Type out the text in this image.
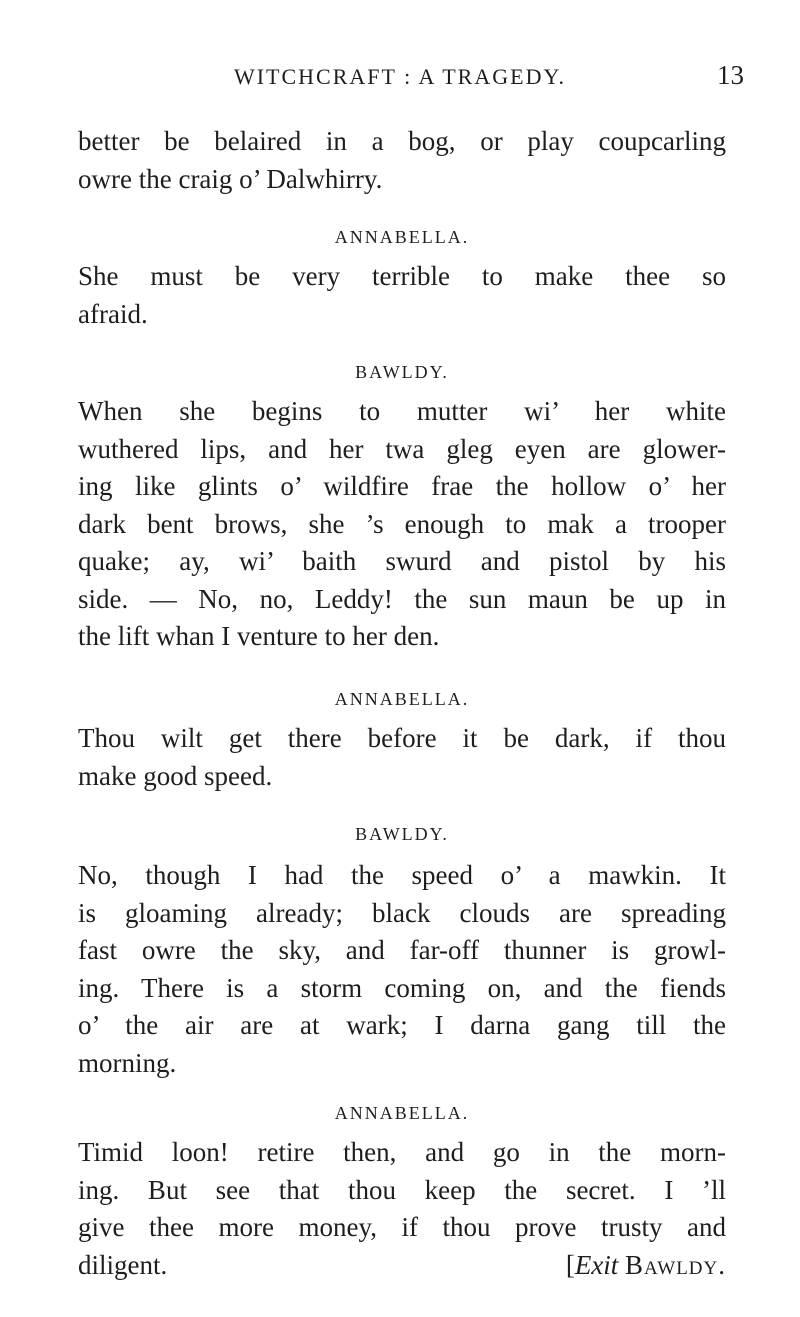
WITCHCRAFT : A TRAGEDY.	13

better be belaired in a bog, or play coupcarling
owre the craig o’ Dalwhirry.

ANNABELLA.

She must be very terrible to make thee so
afraid.

BAWLDY.

When she begins to mutter wi’ her white
wuthered lips, and her twa gleg eyen are glower-
ing like glints o’ wildfire frae the hollow o’ her
dark bent brows, she ’s enough to mak a trooper
quake; ay, wi’ baith swurd and pistol by his
side. — No, no, Leddy! the sun maun be up in
the lift whan I venture to her den.

ANNABELLA.

Thou wilt get there before it be dark, if thou
make good speed.

BAWLDY.

No, though I had the speed o’ a mawkin. It
is gloaming already; black clouds are spreading
fast owre the sky, and far-off thunner is growl-
ing. There is a storm coming on, and the fiends
o’ the air are at wark; I darna gang till the
morning.

ANNABELLA.

Timid loon! retire then, and go in the morn-
ing. But see that thou keep the secret. I ’ll
give thee more money, if thou prove trusty and
diligent.	[Exit Bawldy.
